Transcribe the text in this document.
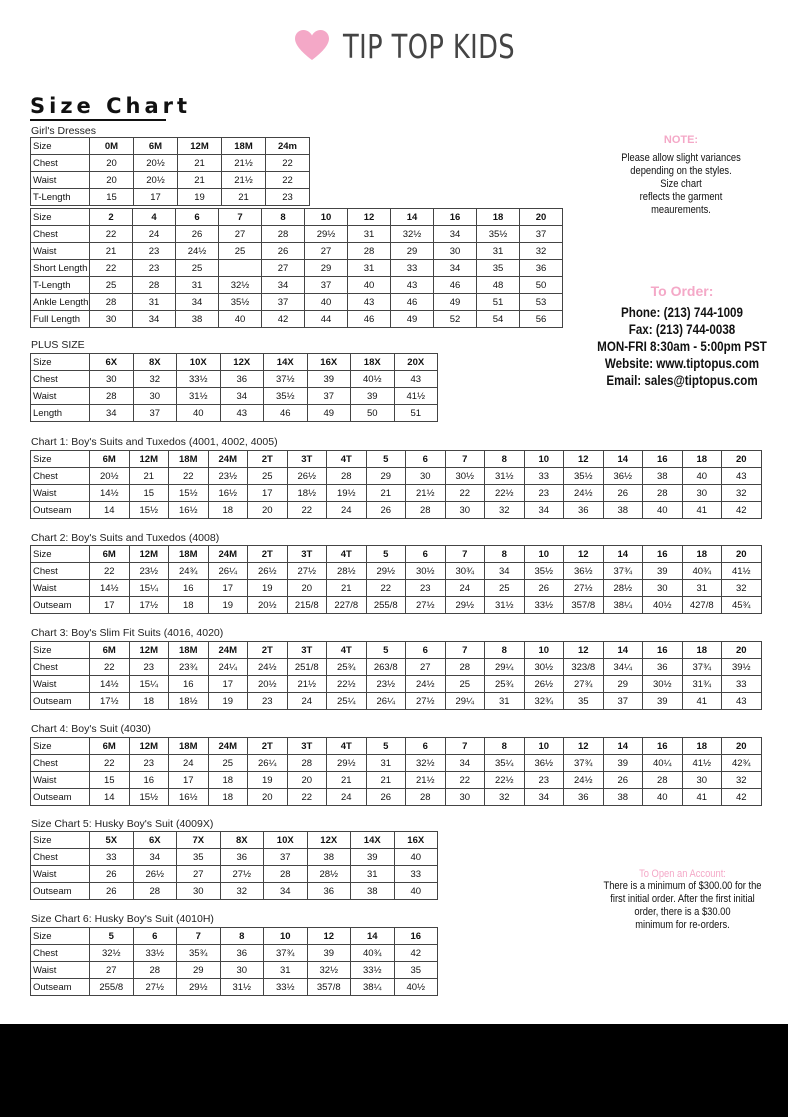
TIP TOP KIDS
Size Chart
Girl's Dresses
Size	0M	6M	12M	18M	24m
Chest	20	20½	21	21½	22
Waist	20	20½	21	21½	22
T-Length	15	17	19	21	23
Size	2	4	6	7	8	10	12	14	16	18	20
Chest	22	24	26	27	28	29½	31	32½	34	35½	37
Waist	21	23	24½	25	26	27	28	29	30	31	32
Short Length	22	23	25		27	29	31	33	34	35	36
T-Length	25	28	31	32½	34	37	40	43	46	48	50
Ankle Length	28	31	34	35½	37	40	43	46	49	51	53
Full Length	30	34	38	40	42	44	46	49	52	54	56
PLUS SIZE
Size	6X	8X	10X	12X	14X	16X	18X	20X
Chest	30	32	33½	36	37½	39	40½	43
Waist	28	30	31½	34	35½	37	39	41½
Length	34	37	40	43	46	49	50	51
Chart 1: Boy's Suits and Tuxedos (4001, 4002, 4005)
Size	6M	12M	18M	24M	2T	3T	4T	5	6	7	8	10	12	14	16	18	20
Chest	20½	21	22	23½	25	26½	28	29	30	30½	31½	33	35½	36½	38	40	43
Waist	14½	15	15½	16½	17	18½	19½	21	21½	22	22½	23	24½	26	28	30	32
Outseam	14	15½	16½	18	20	22	24	26	28	30	32	34	36	38	40	41	42
Chart 2: Boy's Suits and Tuxedos (4008)
Size	6M	12M	18M	24M	2T	3T	4T	5	6	7	8	10	12	14	16	18	20
Chest	22	23½	24¾	26¼	26½	27½	28½	29½	30½	30¾	34	35½	36½	37¾	39	40¾	41½
Waist	14½	15¼	16	17	19	20	21	22	23	24	25	26	27½	28½	30	31	32
Outseam	17	17½	18	19	20½	215/8	227/8	255/8	27½	29½	31½	33½	357/8	38¼	40½	427/8	45¾
Chart 3: Boy's Slim Fit Suits (4016, 4020)
Size	6M	12M	18M	24M	2T	3T	4T	5	6	7	8	10	12	14	16	18	20
Chest	22	23	23¾	24¼	24½	251/8	25¾	263/8	27	28	29¼	30½	323/8	34¼	36	37¾	39½
Waist	14½	15¼	16	17	20½	21½	22½	23½	24½	25	25¾	26½	27¾	29	30½	31¾	33
Outseam	17½	18	18½	19	23	24	25¼	26¼	27½	29¼	31	32¾	35	37	39	41	43
Chart 4: Boy's Suit (4030)
Size	6M	12M	18M	24M	2T	3T	4T	5	6	7	8	10	12	14	16	18	20
Chest	22	23	24	25	26¼	28	29½	31	32½	34	35¼	36½	37¾	39	40¼	41½	42¾
Waist	15	16	17	18	19	20	21	21	21½	22	22½	23	24½	26	28	30	32
Outseam	14	15½	16½	18	20	22	24	26	28	30	32	34	36	38	40	41	42
Size Chart 5: Husky Boy's Suit (4009X)
Size	5X	6X	7X	8X	10X	12X	14X	16X
Chest	33	34	35	36	37	38	39	40
Waist	26	26½	27	27½	28	28½	31	33
Outseam	26	28	30	32	34	36	38	40
Size Chart 6: Husky Boy's Suit (4010H)
Size	5	6	7	8	10	12	14	16
Chest	32½	33½	35¾	36	37¾	39	40¾	42
Waist	27	28	29	30	31	32½	33½	35
Outseam	255/8	27½	29½	31½	33½	357/8	38¼	40½
NOTE:
Please allow slight variances
depending on the styles.
Size chart
reflects the garment
meaurements.
To Order:
Phone: (213) 744-1009
Fax: (213) 744-0038
MON-FRI 8:30am - 5:00pm PST
Website: www.tiptopus.com
Email: sales@tiptopus.com
To Open an Account:
There is a minimum of $300.00 for the
first initial order. After the first initial
order, there is a $30.00
minimum for re-orders.
